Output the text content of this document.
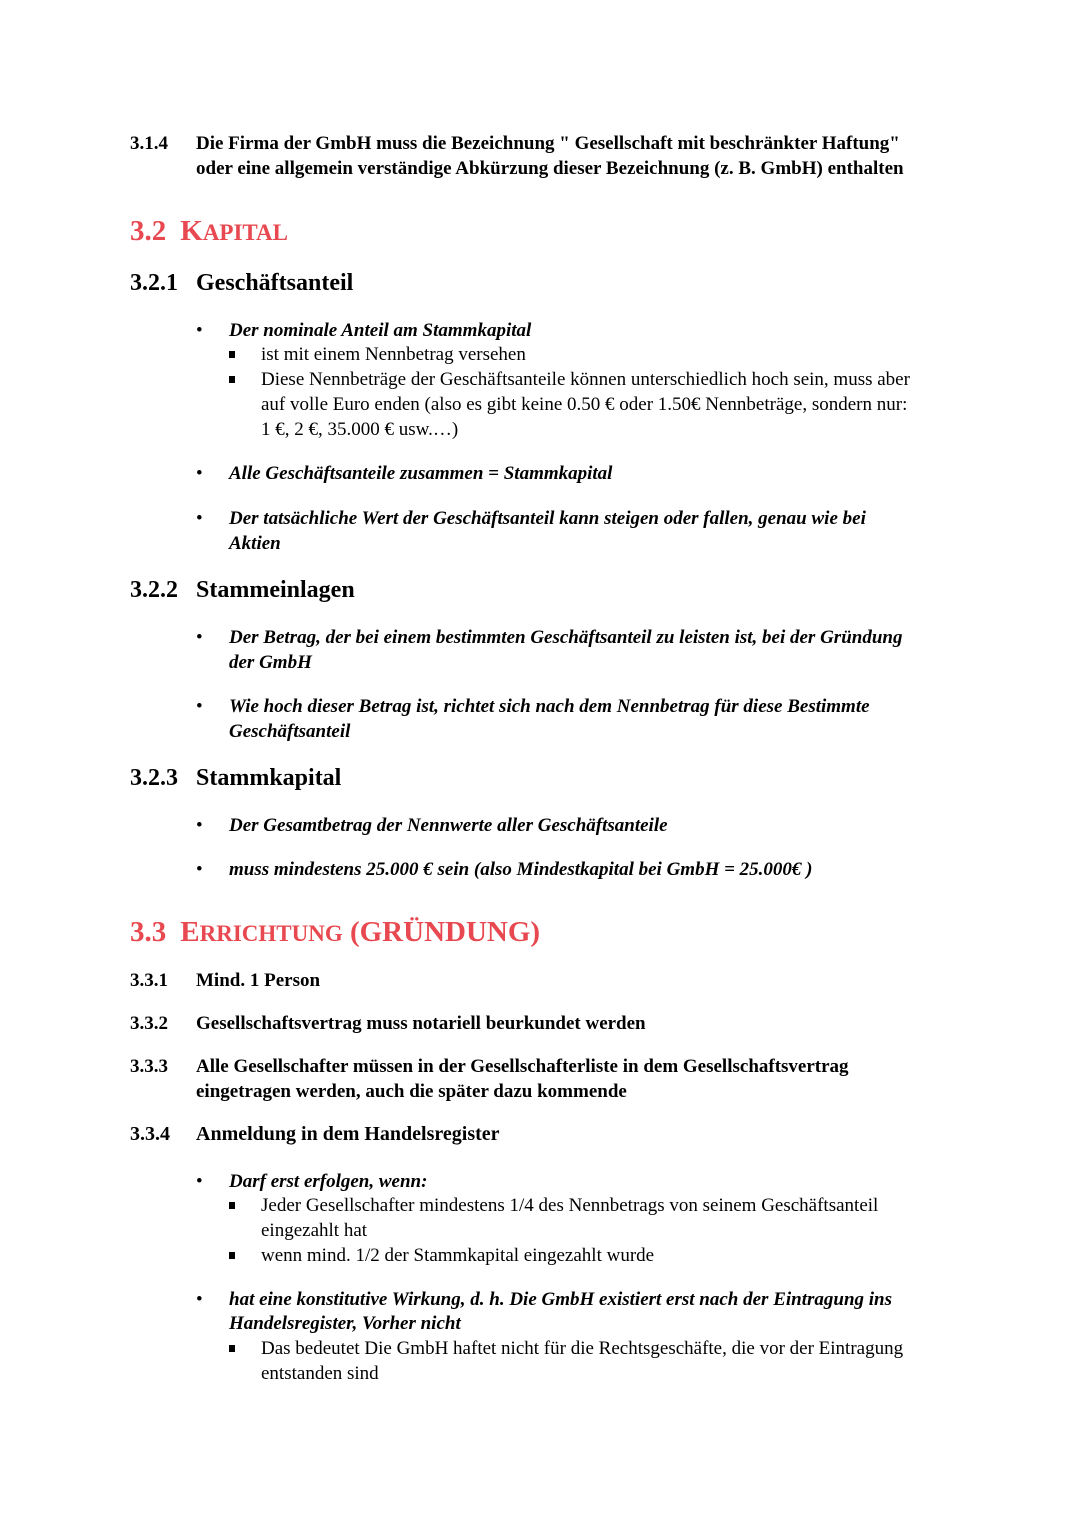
3.1.4	Die Firma der GmbH muss die Bezeichnung " Gesellschaft mit beschränkter Haftung"
oder eine allgemein verständige Abkürzung dieser Bezeichnung (z. B. GmbH) enthalten
3.2 KAPITAL
3.2.1 Geschäftsanteil
• Der nominale Anteil am Stammkapital
ist mit einem Nennbetrag versehen
Diese Nennbeträge der Geschäftsanteile können unterschiedlich hoch sein, muss aber
auf volle Euro enden (also es gibt keine 0.50 € oder 1.50€ Nennbeträge, sondern nur:
1 €, 2 €, 35.000 € usw.…)
• Alle Geschäftsanteile zusammen = Stammkapital
• Der tatsächliche Wert der Geschäftsanteil kann steigen oder fallen, genau wie bei
Aktien
3.2.2 Stammeinlagen
• Der Betrag, der bei einem bestimmten Geschäftsanteil zu leisten ist, bei der Gründung
der GmbH
• Wie hoch dieser Betrag ist, richtet sich nach dem Nennbetrag für diese Bestimmte
Geschäftsanteil
3.2.3 Stammkapital
• Der Gesamtbetrag der Nennwerte aller Geschäftsanteile
• muss mindestens 25.000 € sein (also Mindestkapital bei GmbH = 25.000€ )
3.3 ERRICHTUNG (GRÜNDUNG)
3.3.1	Mind. 1 Person
3.3.2	Gesellschaftsvertrag muss notariell beurkundet werden
3.3.3	Alle Gesellschafter müssen in der Gesellschafterliste in dem Gesellschaftsvertrag
eingetragen werden, auch die später dazu kommende
3.3.4	Anmeldung in dem Handelsregister
• Darf erst erfolgen, wenn:
Jeder Gesellschafter mindestens 1/4 des Nennbetrags von seinem Geschäftsanteil
eingezahlt hat
wenn mind. 1/2 der Stammkapital eingezahlt wurde
• hat eine konstitutive Wirkung, d. h. Die GmbH existiert erst nach der Eintragung ins
Handelsregister, Vorher nicht
Das bedeutet Die GmbH haftet nicht für die Rechtsgeschäfte, die vor der Eintragung
entstanden sind
